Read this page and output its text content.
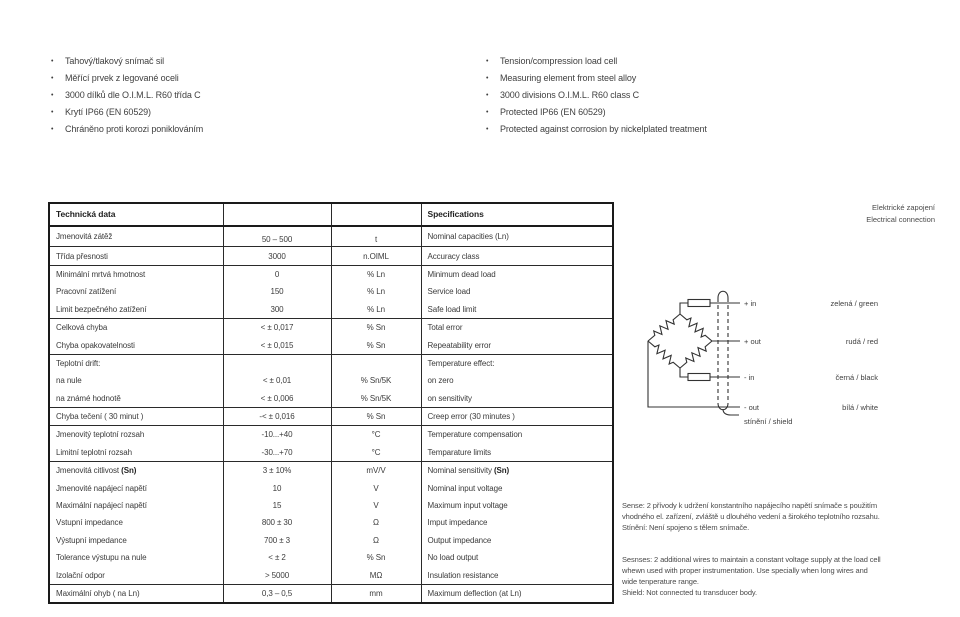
•	Tahový/tlakový snímač sil
•	Měřící prvek z legované oceli
•	3000 dílků dle O.I.M.L. R60 třída C
•	Krytí IP66 (EN 60529)
•	Chráněno proti korozi poniklováním
•	Tension/compression load cell
•	Measuring element from steel alloy
•	3000 divisions O.I.M.L. R60 class C
•	Protected IP66 (EN 60529)
•	Protected against corrosion by nickelplated treatment
Technická data			Specifications
Jmenovitá zátěž	50 – 500	t	Nominal capacities (Ln)
Třída přesnosti	3000	n.OIML	Accuracy class
Minimální mrtvá hmotnost	0	% Ln	Minimum dead load
Pracovní zatížení	150	% Ln	Service load
Limit bezpečného zatížení	300	% Ln	Safe load limit
Celková chyba	< ± 0,017	% Sn	Total error
Chyba opakovatelnosti	< ± 0,015	% Sn	Repeatability error
Teplotní drift:			Temperature effect:
na nule	< ± 0,01	% Sn/5K	on zero
na známé hodnotě	< ± 0,006	% Sn/5K	on sensitivity
Chyba tečení ( 30 minut )	-< ± 0,016	% Sn	Creep error (30 minutes )
Jmenovitý teplotní rozsah	-10...+40	°C	Temperature compensation
Limitní teplotní rozsah	-30...+70	°C	Temparature limits
Jmenovitá citlivost (Sn)	3 ± 10%	mV/V	Nominal sensitivity (Sn)
Jmenovité napájecí napětí	10	V	Nominal input voltage
Maximální napájecí napětí	15	V	Maximum input voltage
Vstupní impedance	800 ± 30	Ω	Imput impedance
Výstupní impedance	700 ± 3	Ω	Output impedance
Tolerance výstupu na nule	< ± 2	% Sn	No load output
Izolační odpor	> 5000	MΩ	Insulation resistance
Maximální ohyb ( na Ln)	0,3 – 0,5	mm	Maximum deflection (at Ln)
Elektrické zapojení
Electrical connection
+ in
+ out
- in
- out
stínění / shield
zelená / green
rudá / red
černá / black
bílá / white
Sense: 2 přívody k udržení konstantního napájecího napětí snímače s použitím
vhodného el. zařízení, zvláště u dlouhého vedení a širokého teplotního rozsahu.
Stínění: Není spojeno s tělem snímače.
Sesnses: 2 additional wires to maintain a constant voltage supply at the load cell
whewn used with proper instrumentation. Use specially when long wires and
wide tenperature range.
Shield: Not connected tu transducer body.
